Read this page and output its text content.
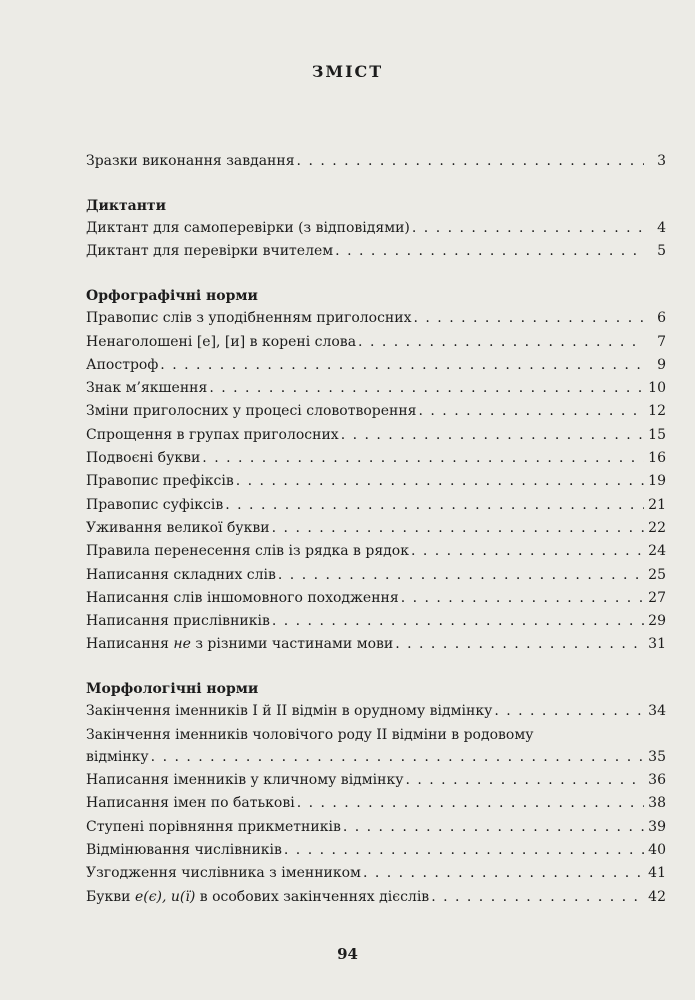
ЗМІСТ
Зразки виконання завдання . . .	3
Диктанти
Диктант для самоперевірки (з відповідями) . . .	4
Диктант для перевірки вчителем . . .	5
Орфографічні норми
Правопис слів з уподібненням приголосних . . .	6
Ненаголошені [е], [и] в корені слова . . .	7
Апостроф . . .	9
Знак м’якшення . . .	10
Зміни приголосних у процесі словотворення . . .	12
Спрощення в групах приголосних . . .	15
Подвоєні букви . . .	16
Правопис префіксів . . .	19
Правопис суфіксів . . .	21
Уживання великої букви . . .	22
Правила перенесення слів із рядка в рядок . . .	24
Написання складних слів . . .	25
Написання слів іншомовного походження . . .	27
Написання прислівників . . .	29
Написання не з різними частинами мови . . .	31
Морфологічні норми
Закінчення іменників I й II відмін в орудному відмінку . . .	34
Закінчення іменників чоловічого роду II відміни в родовому
відмінку . . .	35
Написання іменників у кличному відмінку . . .	36
Написання імен по батькові . . .	38
Ступені порівняння прикметників . . .	39
Відмінювання числівників . . .	40
Узгодження числівника з іменником . . .	41
Букви е(є), и(ї) в особових закінченнях дієслів . . .	42
94
